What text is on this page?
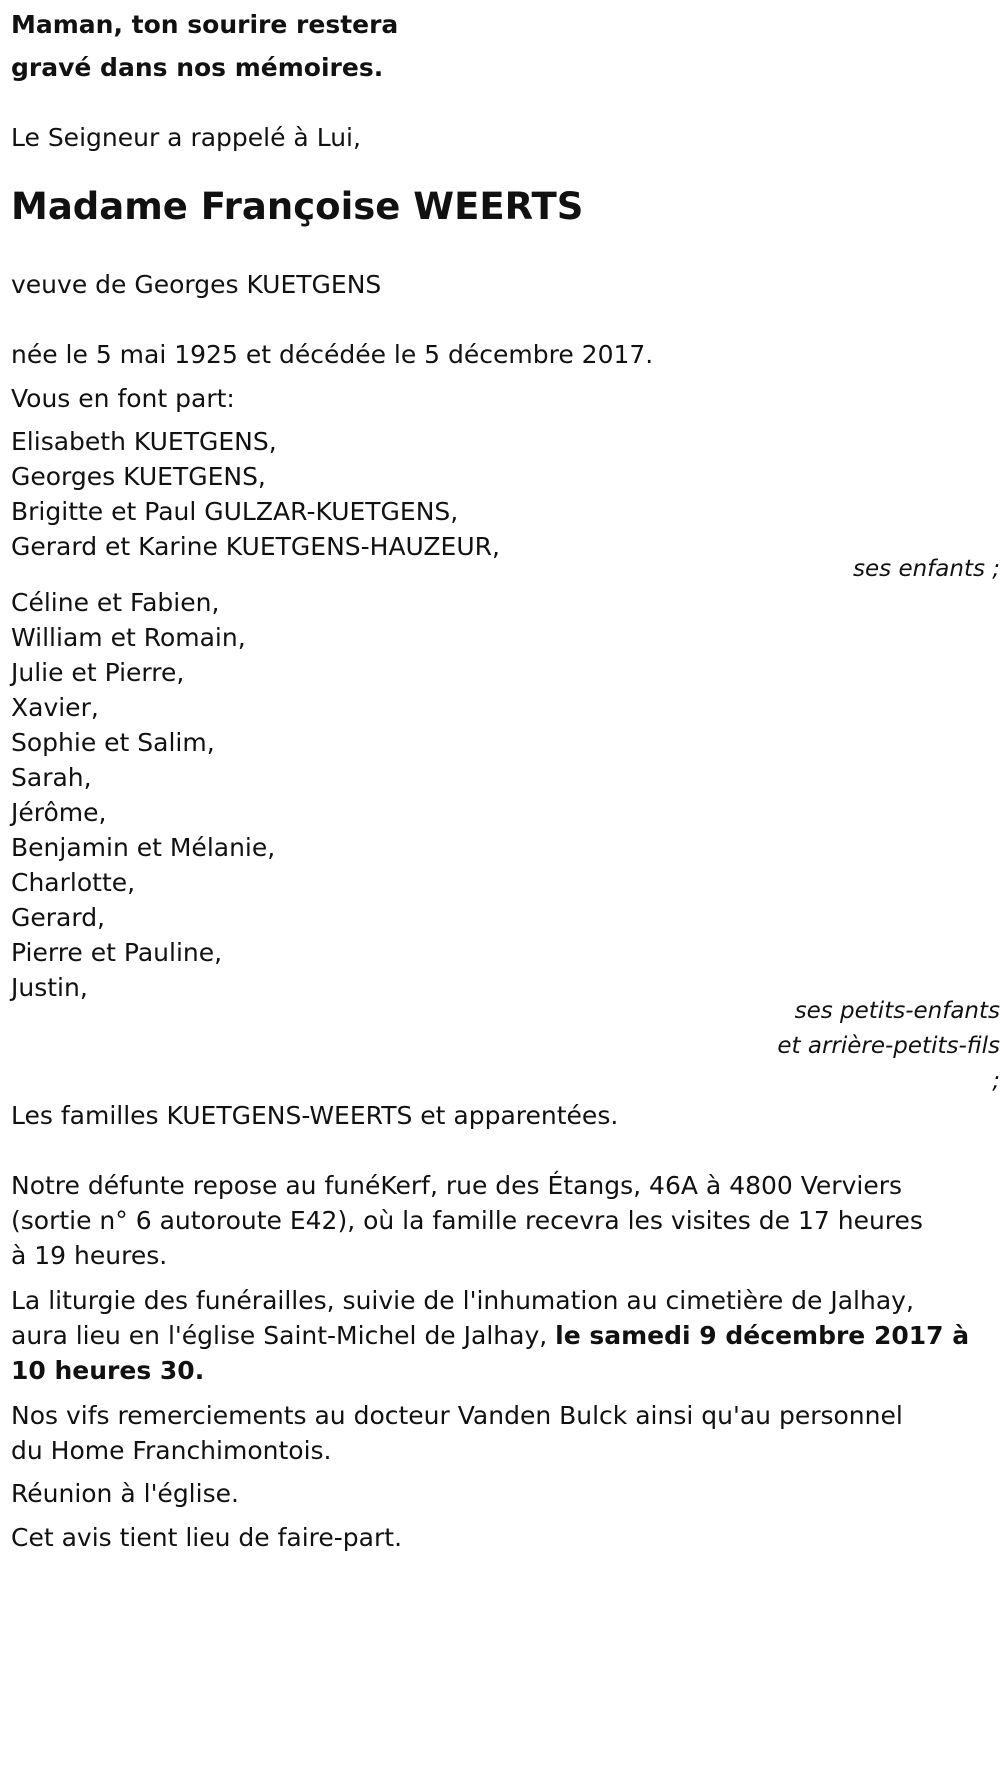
Maman, ton sourire restera
gravé dans nos mémoires.
Le Seigneur a rappelé à Lui,
Madame Françoise WEERTS
veuve de Georges KUETGENS
née le 5 mai 1925 et décédée le 5 décembre 2017.
Vous en font part:
Elisabeth KUETGENS,
Georges KUETGENS,
Brigitte et Paul GULZAR-KUETGENS,
Gerard et Karine KUETGENS-HAUZEUR,
ses enfants ;
Céline et Fabien,
William et Romain,
Julie et Pierre,
Xavier,
Sophie et Salim,
Sarah,
Jérôme,
Benjamin et Mélanie,
Charlotte,
Gerard,
Pierre et Pauline,
Justin,
ses petits-enfants
et arrière-petits-fils
;
Les familles KUETGENS-WEERTS et apparentées.
Notre défunte repose au funéKerf, rue des Étangs, 46A à 4800 Verviers
(sortie n° 6 autoroute E42), où la famille recevra les visites de 17 heures
à 19 heures.
La liturgie des funérailles, suivie de l'inhumation au cimetière de Jalhay,
aura lieu en l'église Saint-Michel de Jalhay, le samedi 9 décembre 2017 à
10 heures 30.
Nos vifs remerciements au docteur Vanden Bulck ainsi qu'au personnel
du Home Franchimontois.
Réunion à l'église.
Cet avis tient lieu de faire-part.
